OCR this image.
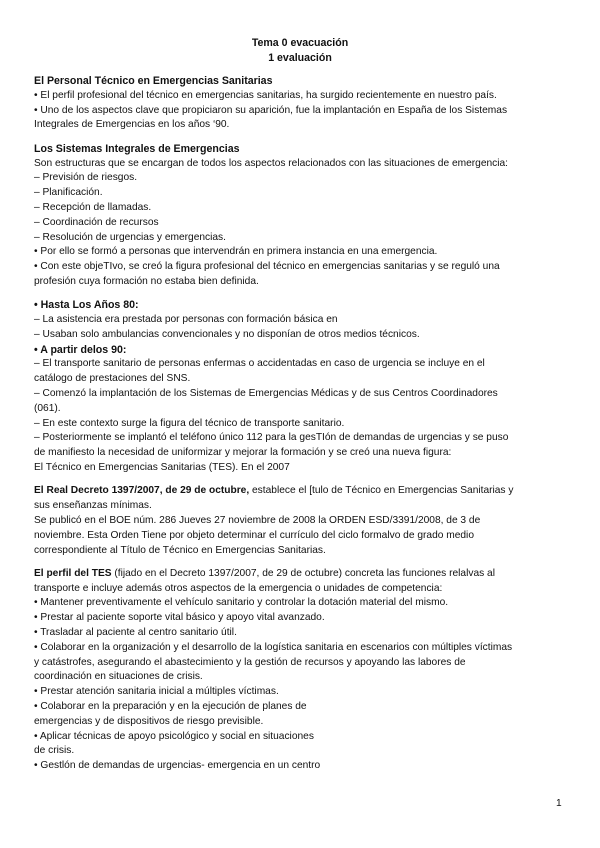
Tema 0 evacuación

1 evaluación

El Personal Técnico en Emergencias Sanitarias

• El perfil profesional del técnico en emergencias sanitarias, ha surgido recientemente en nuestro país.

• Uno de los aspectos clave que propiciaron su aparición, fue la implantación en España de los Sistemas

Integrales de Emergencias en los años ‘90.

Los Sistemas Integrales de Emergencias

Son estructuras que se encargan de todos los aspectos relacionados con las situaciones de emergencia:

– Previsión de riesgos.

– Planificación.

– Recepción de llamadas.

– Coordinación de recursos

– Resolución de urgencias y emergencias.

• Por ello se formó a personas que intervendrán en primera instancia en una emergencia.

• Con este objeTIvo, se creó la figura profesional del técnico en emergencias sanitarias y se reguló una

profesión cuya formación no estaba bien definida.

• Hasta Los Años 80:

– La asistencia era prestada por personas con formación básica en

– Usaban solo ambulancias convencionales y no disponían de otros medios técnicos.

• A partir delos 90:

– El transporte sanitario de personas enfermas o accidentadas en caso de urgencia se incluye en el

catálogo de prestaciones del SNS.

– Comenzó la implantación de los Sistemas de Emergencias Médicas y de sus Centros Coordinadores

(061).

– En este contexto surge la figura del técnico de transporte sanitario.

– Posteriormente se implantó el teléfono único 112 para la gesTIón de demandas de urgencias y se puso

de manifiesto la necesidad de uniformizar y mejorar la formación y se creó una nueva figura:

El Técnico en Emergencias Sanitarias (TES). En el 2007

El Real Decreto 1397/2007, de 29 de octubre, establece el [tulo de Técnico en Emergencias Sanitarias y

sus enseñanzas mínimas.

Se publicó en el BOE núm. 286 Jueves 27 noviembre de 2008 la ORDEN ESD/3391/2008, de 3 de

noviembre. Esta Orden Tiene por objeto determinar el currículo del ciclo formalvo de grado medio

correspondiente al Título de Técnico en Emergencias Sanitarias.

El perfil del TES (fijado en el Decreto 1397/2007, de 29 de octubre) concreta las funciones relalvas al

transporte e incluye además otros aspectos de la emergencia o unidades de competencia:

• Mantener preventivamente el vehículo sanitario y controlar la dotación material del mismo.

• Prestar al paciente soporte vital básico y apoyo vital avanzado.

• Trasladar al paciente al centro sanitario útil.

• Colaborar en la organización y el desarrollo de la logística sanitaria en escenarios con múltiples víctimas

y catástrofes, asegurando el abastecimiento y la gestión de recursos y apoyando las labores de

coordinación en situaciones de crisis.

• Prestar atención sanitaria inicial a múltiples víctimas.

• Colaborar en la preparación y en la ejecución de planes de

emergencias y de dispositivos de riesgo previsible.

• Aplicar técnicas de apoyo psicológico y social en situaciones

de crisis.

• Gestlón de demandas de urgencias- emergencia en un centro

1
